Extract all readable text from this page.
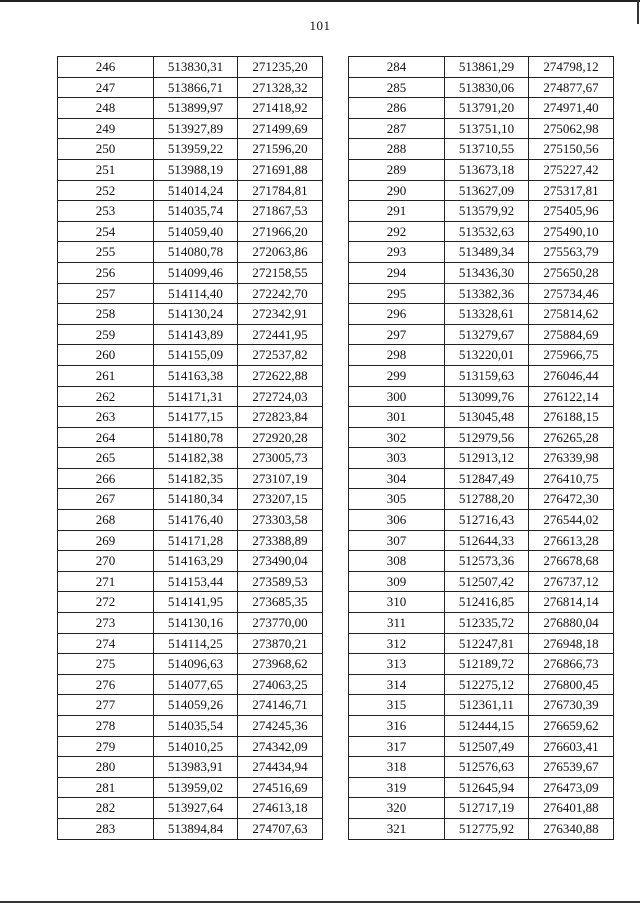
101
246	513830,31	271235,20
247	513866,71	271328,32
248	513899,97	271418,92
249	513927,89	271499,69
250	513959,22	271596,20
251	513988,19	271691,88
252	514014,24	271784,81
253	514035,74	271867,53
254	514059,40	271966,20
255	514080,78	272063,86
256	514099,46	272158,55
257	514114,40	272242,70
258	514130,24	272342,91
259	514143,89	272441,95
260	514155,09	272537,82
261	514163,38	272622,88
262	514171,31	272724,03
263	514177,15	272823,84
264	514180,78	272920,28
265	514182,38	273005,73
266	514182,35	273107,19
267	514180,34	273207,15
268	514176,40	273303,58
269	514171,28	273388,89
270	514163,29	273490,04
271	514153,44	273589,53
272	514141,95	273685,35
273	514130,16	273770,00
274	514114,25	273870,21
275	514096,63	273968,62
276	514077,65	274063,25
277	514059,26	274146,71
278	514035,54	274245,36
279	514010,25	274342,09
280	513983,91	274434,94
281	513959,02	274516,69
282	513927,64	274613,18
283	513894,84	274707,63
284	513861,29	274798,12
285	513830,06	274877,67
286	513791,20	274971,40
287	513751,10	275062,98
288	513710,55	275150,56
289	513673,18	275227,42
290	513627,09	275317,81
291	513579,92	275405,96
292	513532,63	275490,10
293	513489,34	275563,79
294	513436,30	275650,28
295	513382,36	275734,46
296	513328,61	275814,62
297	513279,67	275884,69
298	513220,01	275966,75
299	513159,63	276046,44
300	513099,76	276122,14
301	513045,48	276188,15
302	512979,56	276265,28
303	512913,12	276339,98
304	512847,49	276410,75
305	512788,20	276472,30
306	512716,43	276544,02
307	512644,33	276613,28
308	512573,36	276678,68
309	512507,42	276737,12
310	512416,85	276814,14
311	512335,72	276880,04
312	512247,81	276948,18
313	512189,72	276866,73
314	512275,12	276800,45
315	512361,11	276730,39
316	512444,15	276659,62
317	512507,49	276603,41
318	512576,63	276539,67
319	512645,94	276473,09
320	512717,19	276401,88
321	512775,92	276340,88
